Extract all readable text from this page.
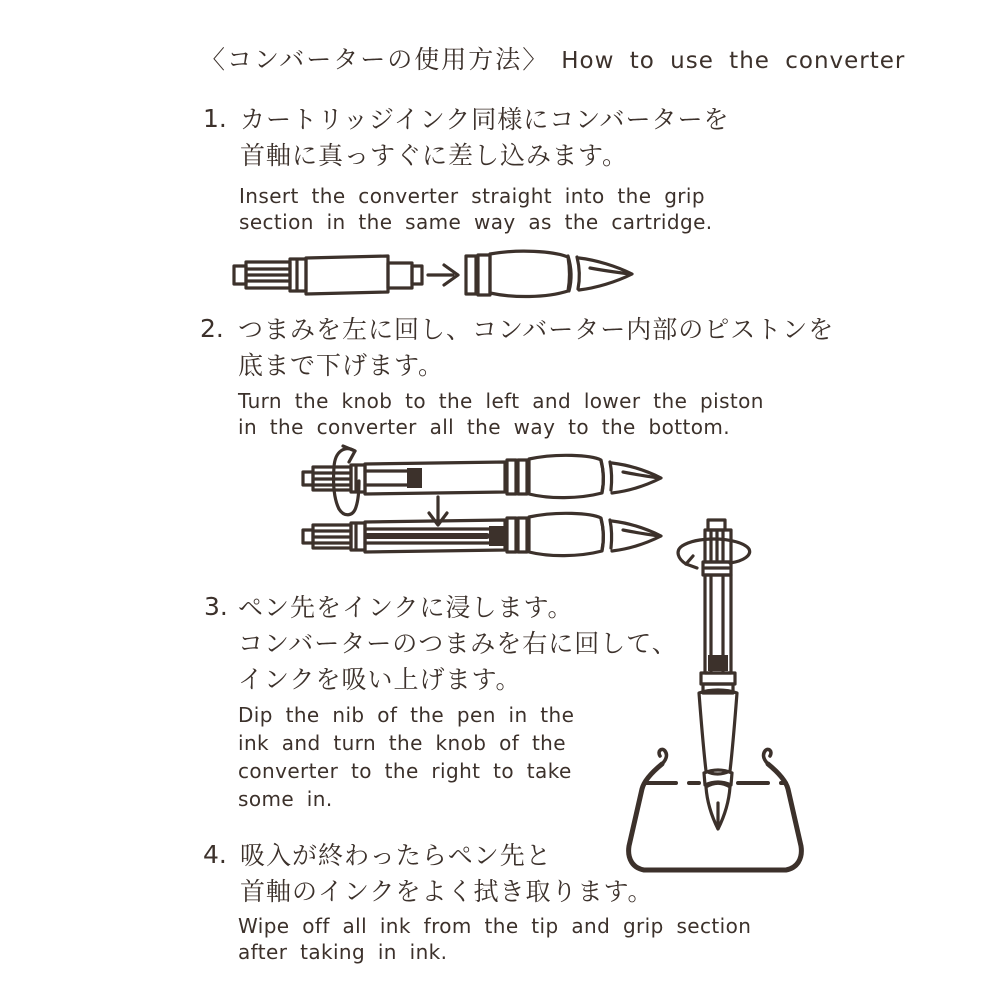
〈コンバーターの使用方法〉 How to use the converter
1. カートリッジインク同様にコンバーターを
首軸に真っすぐに差し込みます。
Insert the converter straight into the grip
section in the same way as the cartridge.
2. つまみを左に回し、コンバーター内部のピストンを
底まで下げます。
Turn the knob to the left and lower the piston
in the converter all the way to the bottom.
3. ペン先をインクに浸します。
コンバーターのつまみを右に回して、
インクを吸い上げます。
Dip the nib of the pen in the
ink and turn the knob of the
converter to the right to take
some in.
4. 吸入が終わったらペン先と
首軸のインクをよく拭き取ります。
Wipe off all ink from the tip and grip section
after taking in ink.
